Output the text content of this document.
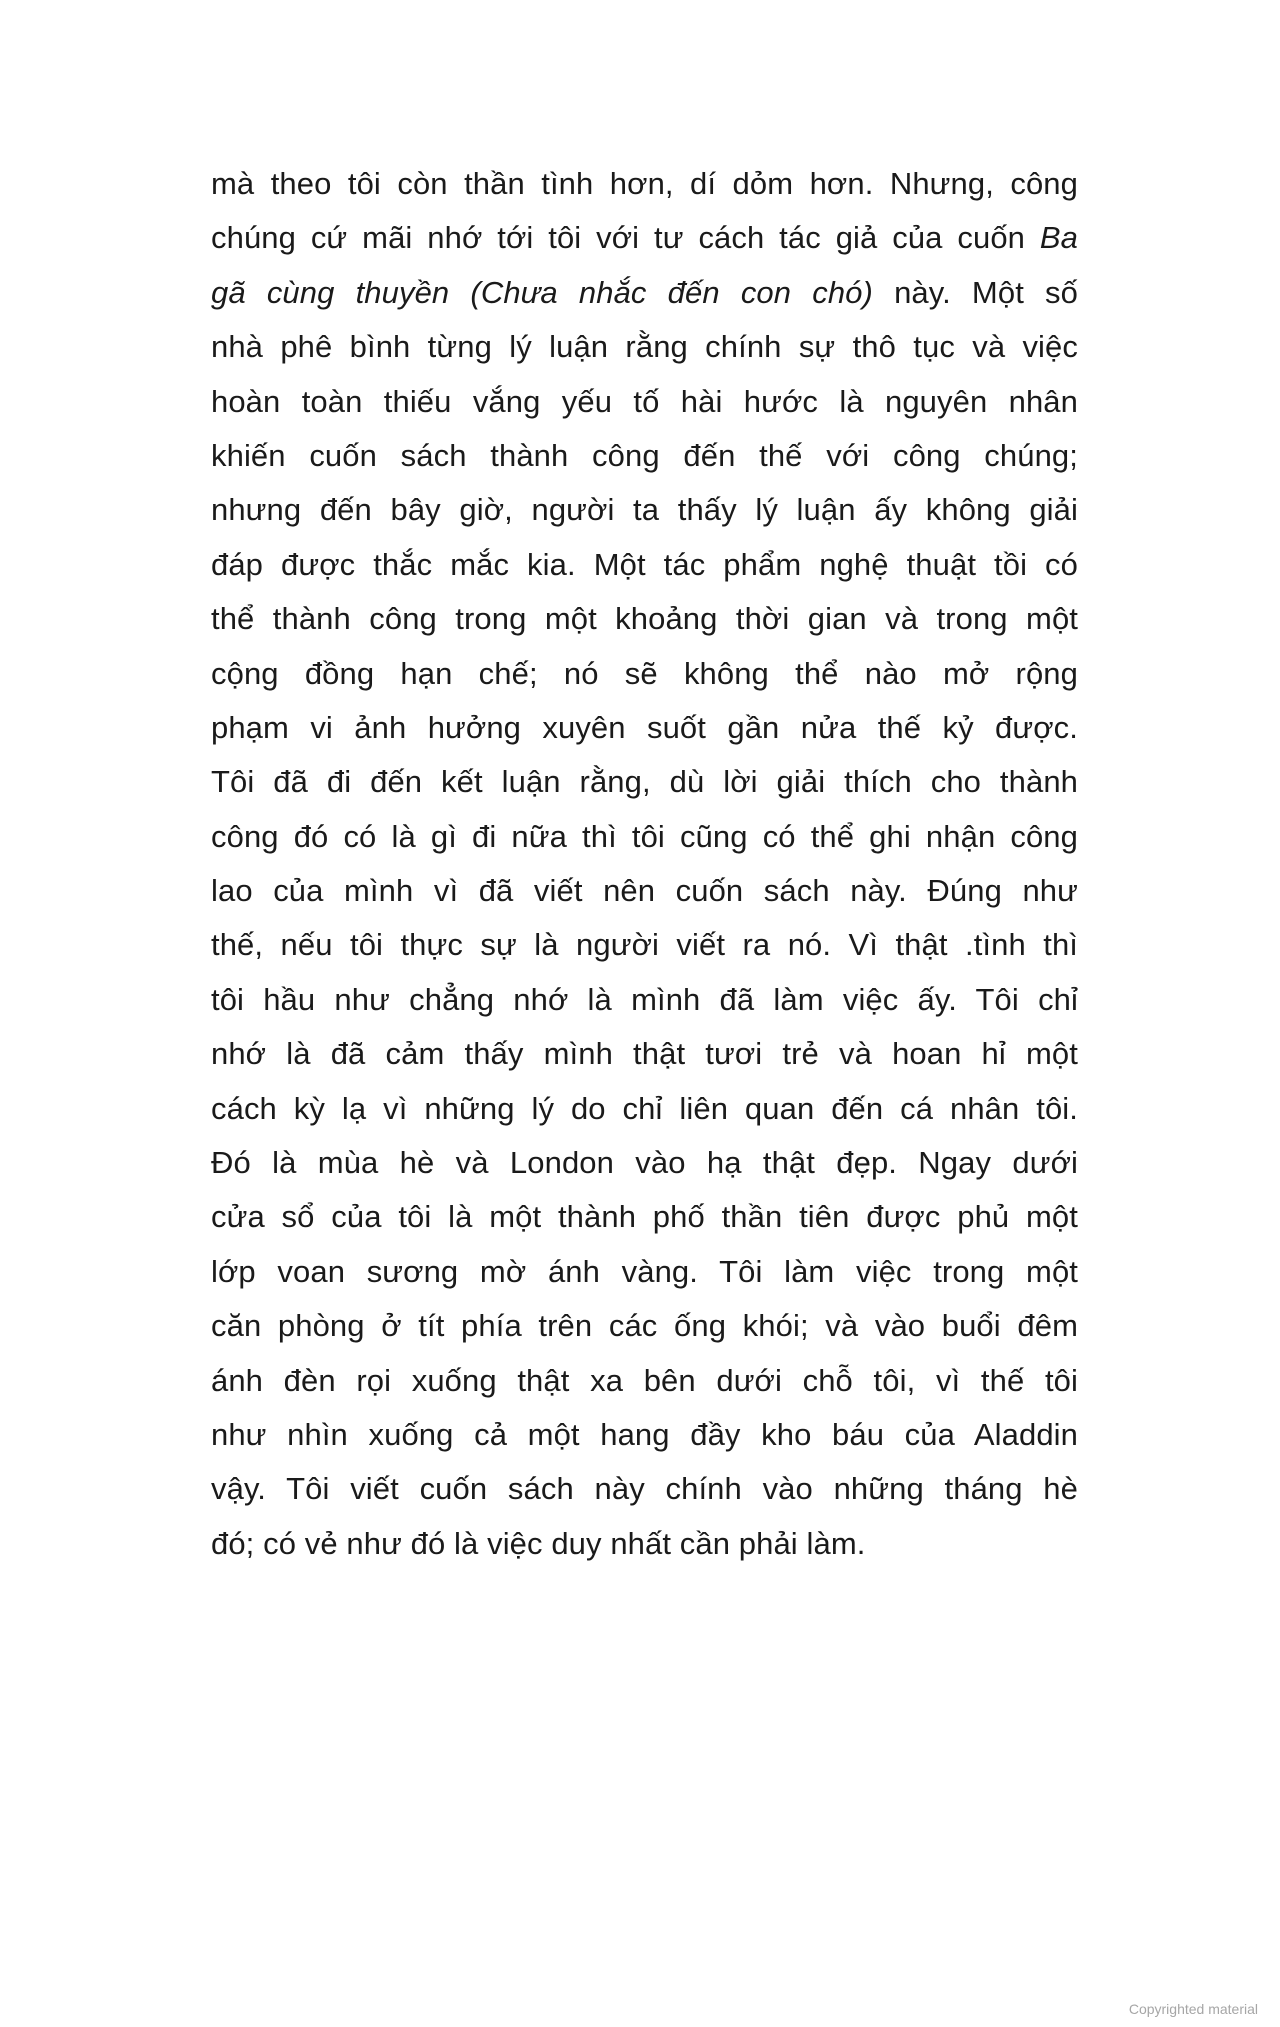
mà theo tôi còn thần tình hơn, dí dỏm hơn. Nhưng, công
chúng cứ mãi nhớ tới tôi với tư cách tác giả của cuốn Ba
gã cùng thuyền (Chưa nhắc đến con chó) này. Một số
nhà phê bình từng lý luận rằng chính sự thô tục và việc
hoàn toàn thiếu vắng yếu tố hài hước là nguyên nhân
khiến cuốn sách thành công đến thế với công chúng;
nhưng đến bây giờ, người ta thấy lý luận ấy không giải
đáp được thắc mắc kia. Một tác phẩm nghệ thuật tồi có
thể thành công trong một khoảng thời gian và trong một
cộng đồng hạn chế; nó sẽ không thể nào mở rộng
phạm vi ảnh hưởng xuyên suốt gần nửa thế kỷ được.
Tôi đã đi đến kết luận rằng, dù lời giải thích cho thành
công đó có là gì đi nữa thì tôi cũng có thể ghi nhận công
lao của mình vì đã viết nên cuốn sách này. Đúng như
thế, nếu tôi thực sự là người viết ra nó. Vì thật .tình thì
tôi hầu như chẳng nhớ là mình đã làm việc ấy. Tôi chỉ
nhớ là đã cảm thấy mình thật tươi trẻ và hoan hỉ một
cách kỳ lạ vì những lý do chỉ liên quan đến cá nhân tôi.
Đó là mùa hè và London vào hạ thật đẹp. Ngay dưới
cửa sổ của tôi là một thành phố thần tiên được phủ một
lớp voan sương mờ ánh vàng. Tôi làm việc trong một
căn phòng ở tít phía trên các ống khói; và vào buổi đêm
ánh đèn rọi xuống thật xa bên dưới chỗ tôi, vì thế tôi
như nhìn xuống cả một hang đầy kho báu của Aladdin
vậy. Tôi viết cuốn sách này chính vào những tháng hè
đó; có vẻ như đó là việc duy nhất cần phải làm.
Copyrighted material
